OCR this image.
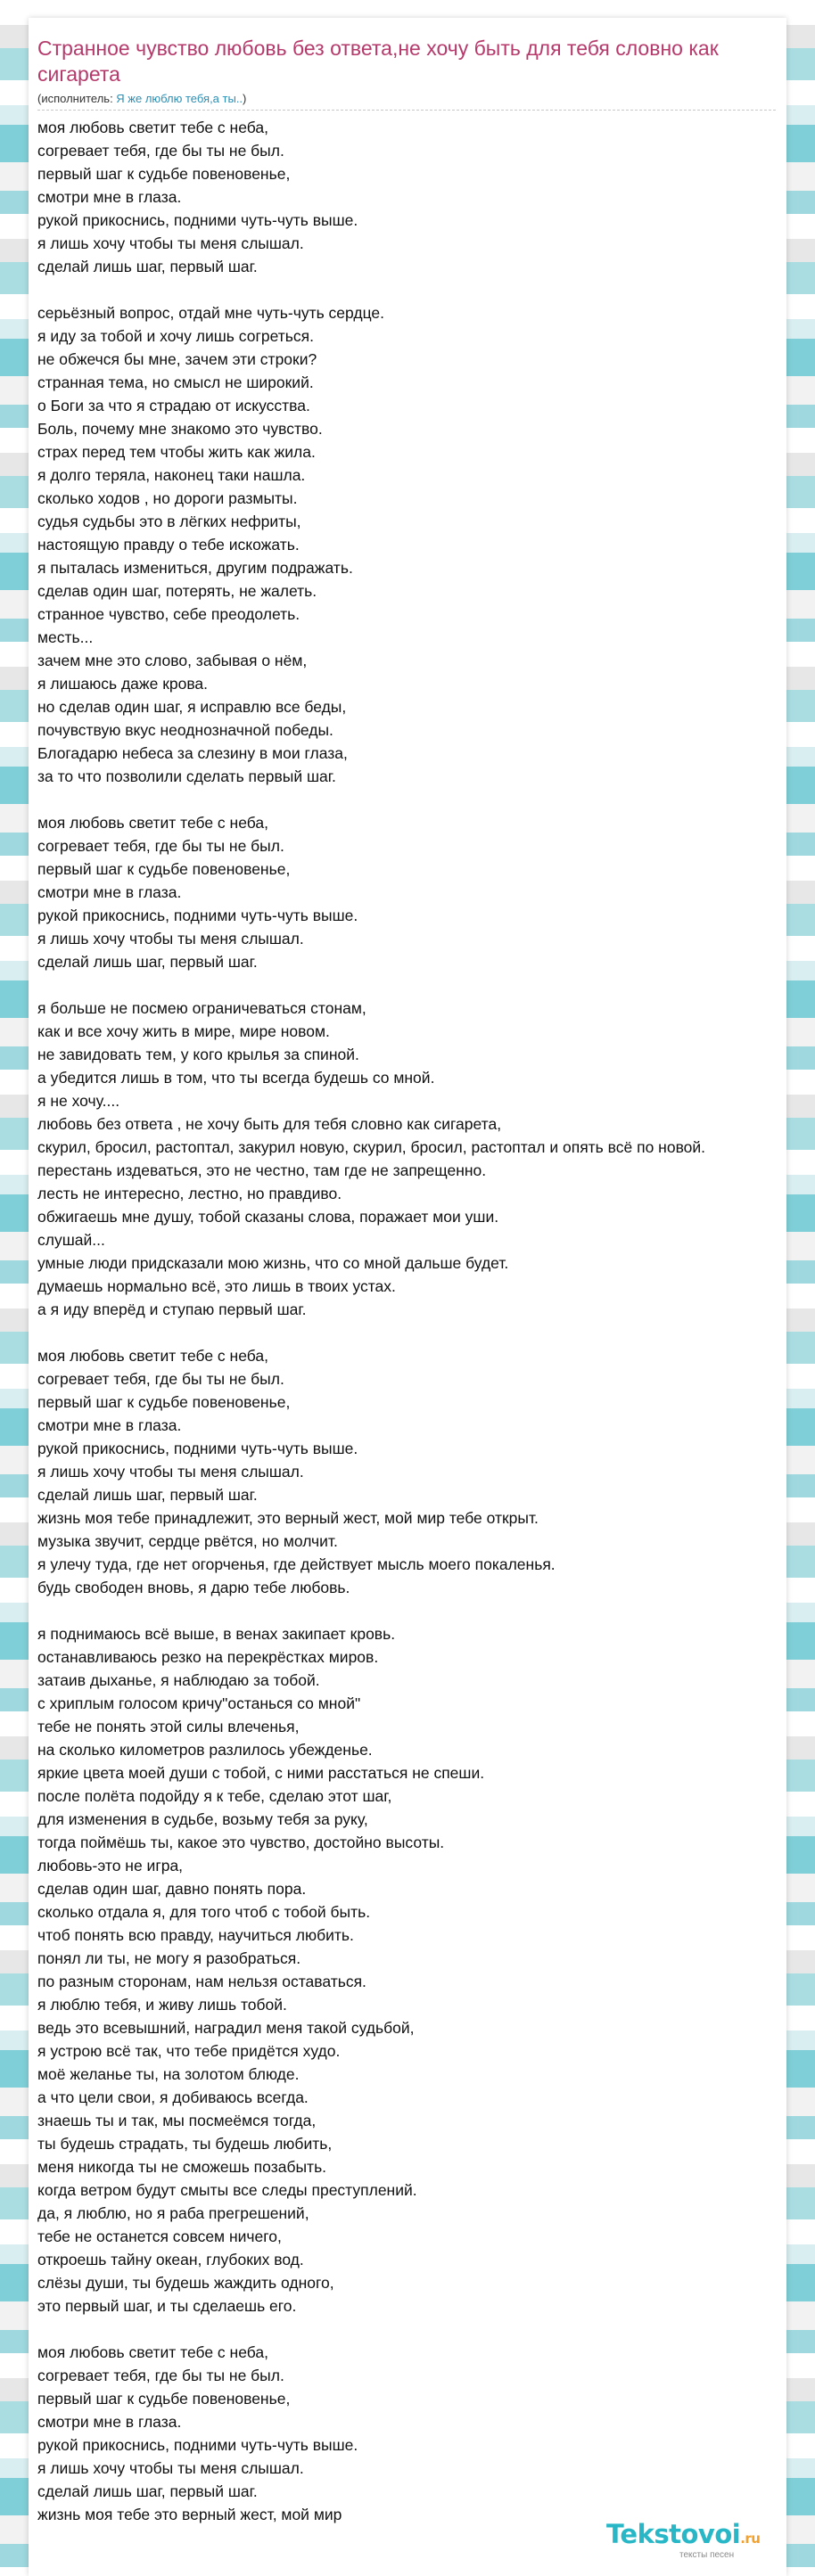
Странное чувство любовь без ответа,не хочу быть для тебя словно как сигарета
(исполнитель: Я же люблю тебя,а ты..)
моя любовь светит тебе с неба,
согревает тебя, где бы ты не был.
первый шаг к судьбе повеновенье,
смотри мне в глаза.
рукой прикоснись, подними чуть-чуть выше.
я лишь хочу чтобы ты меня слышал.
сделай лишь шаг, первый шаг.
серьёзный вопрос, отдай мне чуть-чуть сердце.
я иду за тобой и хочу лишь согреться.
не обжечся бы мне, зачем эти строки?
странная тема, но смысл не широкий.
о Боги за что я страдаю от искусства.
Боль, почему мне знакомо это чувство.
страх перед тем чтобы жить как жила.
я долго теряла, наконец таки нашла.
сколько ходов , но дороги размыты.
судья судьбы это в лёгких нефриты,
настоящую правду о тебе искожать.
я пыталась измениться, другим подражать.
сделав один шаг, потерять, не жалеть.
странное чувство, себе преодолеть.
месть...
зачем мне это слово, забывая о нём,
я лишаюсь даже крова.
но сделав один шаг, я исправлю все беды,
почувствую вкус неоднозначной победы.
Блогадарю небеса за слезину в мои глаза,
за то что позволили сделать первый шаг.
моя любовь светит тебе с неба,
согревает тебя, где бы ты не был.
первый шаг к судьбе повеновенье,
смотри мне в глаза.
рукой прикоснись, подними чуть-чуть выше.
я лишь хочу чтобы ты меня слышал.
сделай лишь шаг, первый шаг.
я больше не посмею ограничеваться стонам,
как и все хочу жить в мире, мире новом.
не завидовать тем, у кого крылья за спиной.
а убедится лишь в том, что ты всегда будешь со мной.
я не хочу....
любовь без ответа , не хочу быть для тебя словно как сигарета,
скурил, бросил, растоптал, закурил новую, скурил, бросил, растоптал и опять всё по новой.
перестань издеваться, это не честно, там где не запрещенно.
лесть не интересно, лестно, но правдиво.
обжигаешь мне душу, тобой сказаны слова, поражает мои уши.
слушай...
умные люди придсказали мою жизнь, что со мной дальше будет.
думаешь нормально всё, это лишь в твоих устах.
а я иду вперёд и ступаю первый шаг.
моя любовь светит тебе с неба,
согревает тебя, где бы ты не был.
первый шаг к судьбе повеновенье,
смотри мне в глаза.
рукой прикоснись, подними чуть-чуть выше.
я лишь хочу чтобы ты меня слышал.
сделай лишь шаг, первый шаг.
жизнь моя тебе принадлежит, это верный жест, мой мир тебе открыт.
музыка звучит, сердце рвётся, но молчит.
я улечу туда, где нет огорченья, где действует мысль моего покаленья.
будь свободен вновь, я дарю тебе любовь.
я поднимаюсь всё выше, в венах закипает кровь.
останавливаюсь резко на перекрёстках миров.
затаив дыханье, я наблюдаю за тобой.
с хриплым голосом кричу"останься со мной"
тебе не понять этой силы влеченья,
на сколько километров разлилось убежденье.
яркие цвета моей души с тобой, с ними расстаться не спеши.
после полёта подойду я к тебе, сделаю этот шаг,
для изменения в судьбе, возьму тебя за руку,
тогда поймёшь ты, какое это чувство, достойно высоты.
любовь-это не игра,
сделав один шаг, давно понять пора.
сколько отдала я, для того чтоб с тобой быть.
чтоб понять всю правду, научиться любить.
понял ли ты, не могу я разобраться.
по разным сторонам, нам нельзя оставаться.
я люблю тебя, и живу лишь тобой.
ведь это всевышний, наградил меня такой судьбой,
я устрою всё так, что тебе придётся худо.
моё желанье ты, на золотом блюде.
а что цели свои, я добиваюсь всегда.
знаешь ты и так, мы посмеёмся тогда,
ты будешь страдать, ты будешь любить,
меня никогда ты не сможешь позабыть.
когда ветром будут смыты все следы преступлений.
да, я люблю, но я раба прегрешений,
тебе не останется совсем ничего,
откроешь тайну океан, глубоких вод.
слёзы души, ты будешь жаждить одного,
это первый шаг, и ты сделаешь его.
моя любовь светит тебе с неба,
согревает тебя, где бы ты не был.
первый шаг к судьбе повеновенье,
смотри мне в глаза.
рукой прикоснись, подними чуть-чуть выше.
я лишь хочу чтобы ты меня слышал.
сделай лишь шаг, первый шаг.
жизнь моя тебе это верный жест, мой мир
Tekstovoi.ru
тексты песен
